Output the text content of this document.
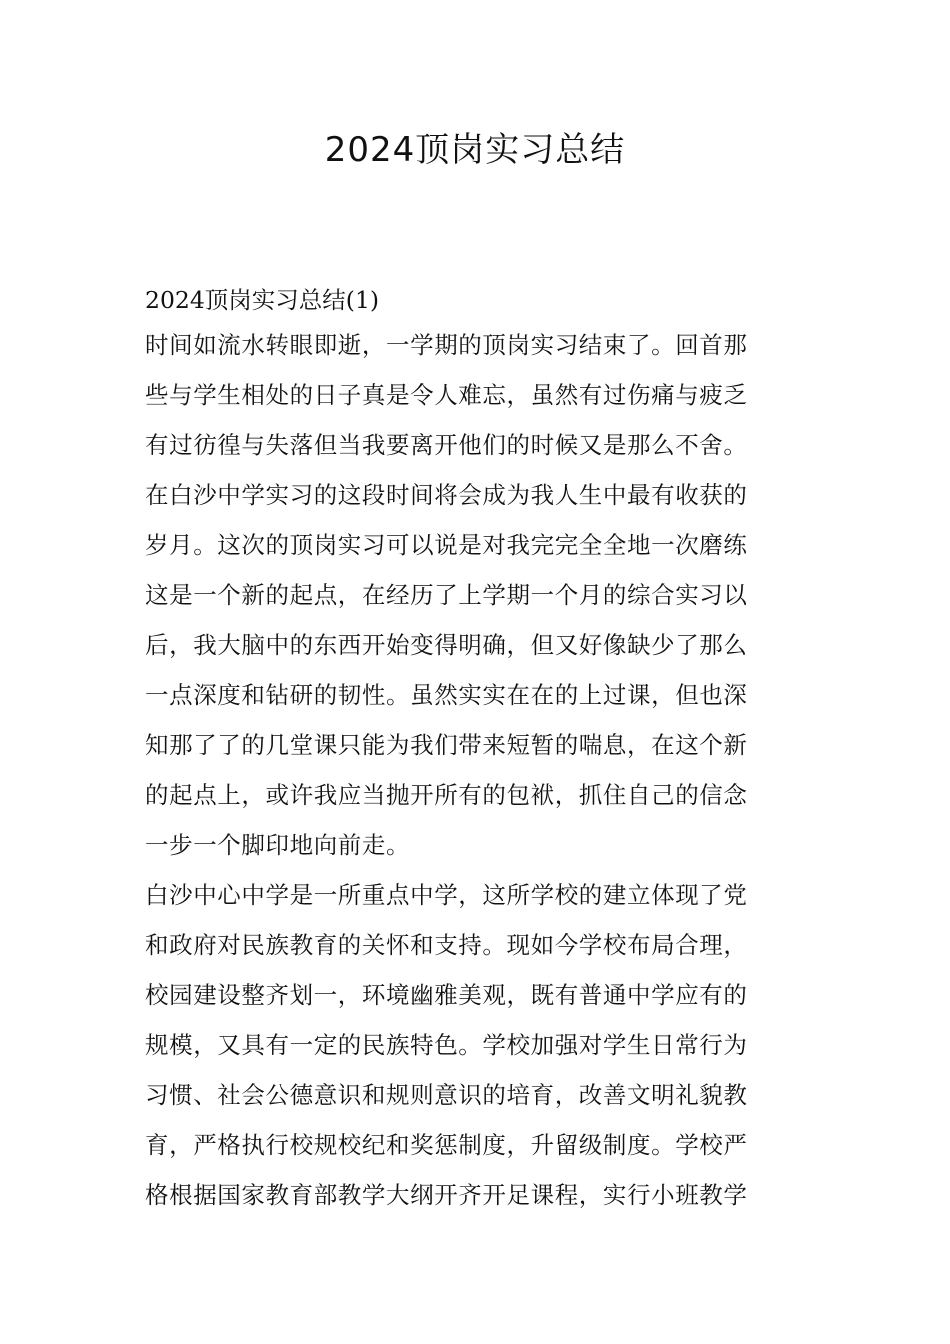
2024顶岗实习总结
2024顶岗实习总结(1)

时间如流水转眼即逝，一学期的顶岗实习结束了。回首那
些与学生相处的日子真是令人难忘，虽然有过伤痛与疲乏
有过彷徨与失落但当我要离开他们的时候又是那么不舍。

在白沙中学实习的这段时间将会成为我人生中最有收获的
岁月。这次的顶岗实习可以说是对我完完全全地一次磨练
这是一个新的起点，在经历了上学期一个月的综合实习以
后，我大脑中的东西开始变得明确，但又好像缺少了那么
一点深度和钻研的韧性。虽然实实在在的上过课，但也深
知那了了的几堂课只能为我们带来短暂的喘息，在这个新
的起点上，或许我应当抛开所有的包袱，抓住自己的信念
一步一个脚印地向前走。

白沙中心中学是一所重点中学，这所学校的建立体现了党
和政府对民族教育的关怀和支持。现如今学校布局合理，
校园建设整齐划一，环境幽雅美观，既有普通中学应有的
规模，又具有一定的民族特色。学校加强对学生日常行为
习惯、社会公德意识和规则意识的培育，改善文明礼貌教
育，严格执行校规校纪和奖惩制度，升留级制度。学校严
格根据国家教育部教学大纲开齐开足课程，实行小班教学
